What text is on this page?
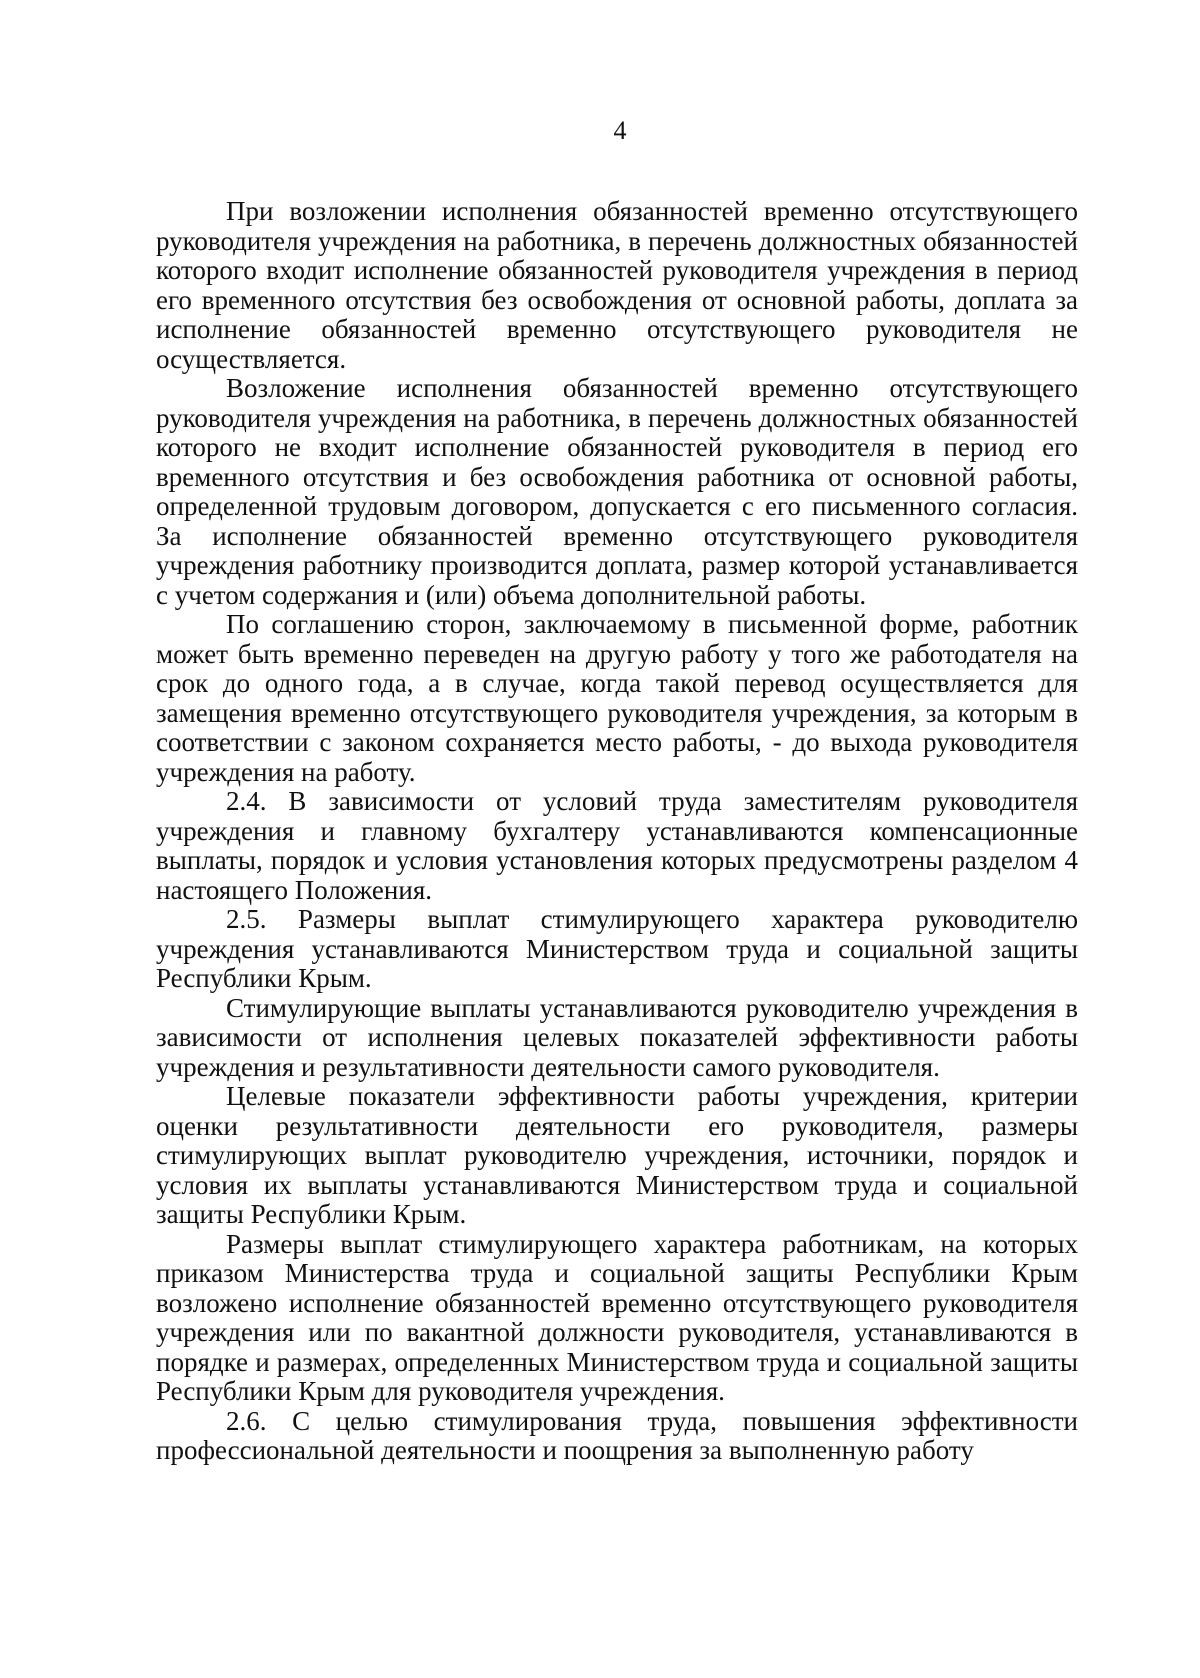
4

При возложении исполнения обязанностей временно отсутствующего руководителя учреждения на работника, в перечень должностных обязанностей которого входит исполнение обязанностей руководителя учреждения в период его временного отсутствия без освобождения от основной работы, доплата за исполнение обязанностей временно отсутствующего руководителя не осуществляется.

Возложение исполнения обязанностей временно отсутствующего руководителя учреждения на работника, в перечень должностных обязанностей которого не входит исполнение обязанностей руководителя в период его временного отсутствия и без освобождения работника от основной работы, определенной трудовым договором, допускается с его письменного согласия. За исполнение обязанностей временно отсутствующего руководителя учреждения работнику производится доплата, размер которой устанавливается с учетом содержания и (или) объема дополнительной работы.

По соглашению сторон, заключаемому в письменной форме, работник может быть временно переведен на другую работу у того же работодателя на срок до одного года, а в случае, когда такой перевод осуществляется для замещения временно отсутствующего руководителя учреждения, за которым в соответствии с законом сохраняется место работы, - до выхода руководителя учреждения на работу.

2.4. В зависимости от условий труда заместителям руководителя учреждения и главному бухгалтеру устанавливаются компенсационные выплаты, порядок и условия установления которых предусмотрены разделом 4 настоящего Положения.

2.5. Размеры выплат стимулирующего характера руководителю учреждения устанавливаются Министерством труда и социальной защиты Республики Крым.

Стимулирующие выплаты устанавливаются руководителю учреждения в зависимости от исполнения целевых показателей эффективности работы учреждения и результативности деятельности самого руководителя.

Целевые показатели эффективности работы учреждения, критерии оценки результативности деятельности его руководителя, размеры стимулирующих выплат руководителю учреждения, источники, порядок и условия их выплаты устанавливаются Министерством труда и социальной защиты Республики Крым.

Размеры выплат стимулирующего характера работникам, на которых приказом Министерства труда и социальной защиты Республики Крым возложено исполнение обязанностей временно отсутствующего руководителя учреждения или по вакантной должности руководителя, устанавливаются в порядке и размерах, определенных Министерством труда и социальной защиты Республики Крым для руководителя учреждения.

2.6. С целью стимулирования труда, повышения эффективности профессиональной деятельности и поощрения за выполненную работу
